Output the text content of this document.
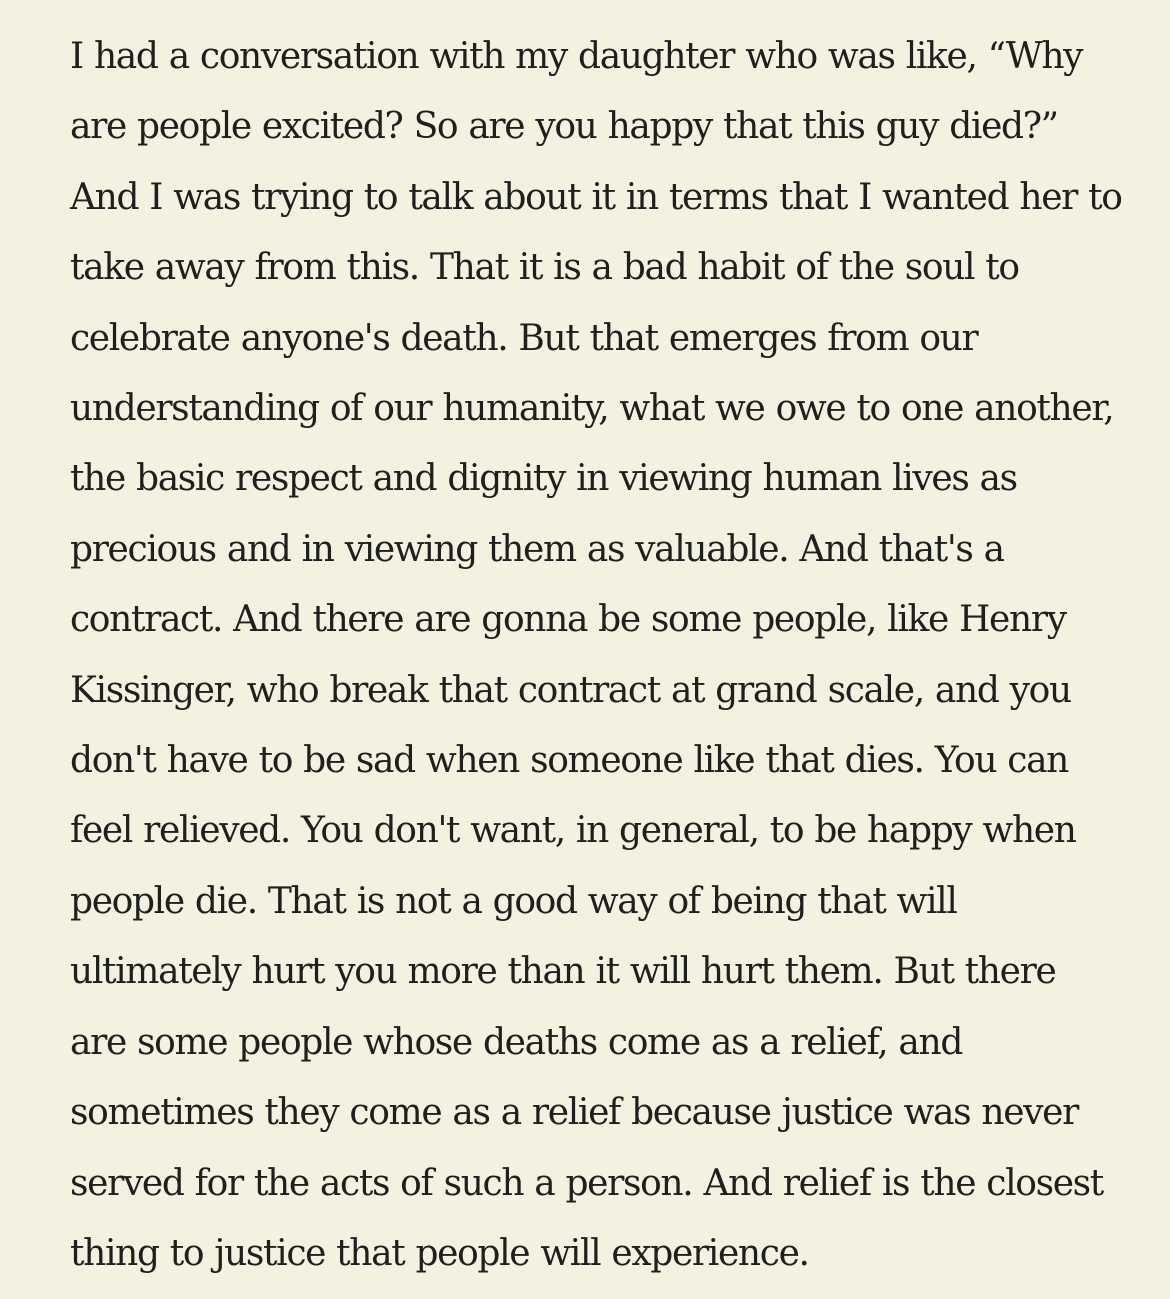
I had a conversation with my daughter who was like, “Why
are people excited? So are you happy that this guy died?”
And I was trying to talk about it in terms that I wanted her to
take away from this. That it is a bad habit of the soul to
celebrate anyone's death. But that emerges from our
understanding of our humanity, what we owe to one another,
the basic respect and dignity in viewing human lives as
precious and in viewing them as valuable. And that's a
contract. And there are gonna be some people, like Henry
Kissinger, who break that contract at grand scale, and you
don't have to be sad when someone like that dies. You can
feel relieved. You don't want, in general, to be happy when
people die. That is not a good way of being that will
ultimately hurt you more than it will hurt them. But there
are some people whose deaths come as a relief, and
sometimes they come as a relief because justice was never
served for the acts of such a person. And relief is the closest
thing to justice that people will experience.
